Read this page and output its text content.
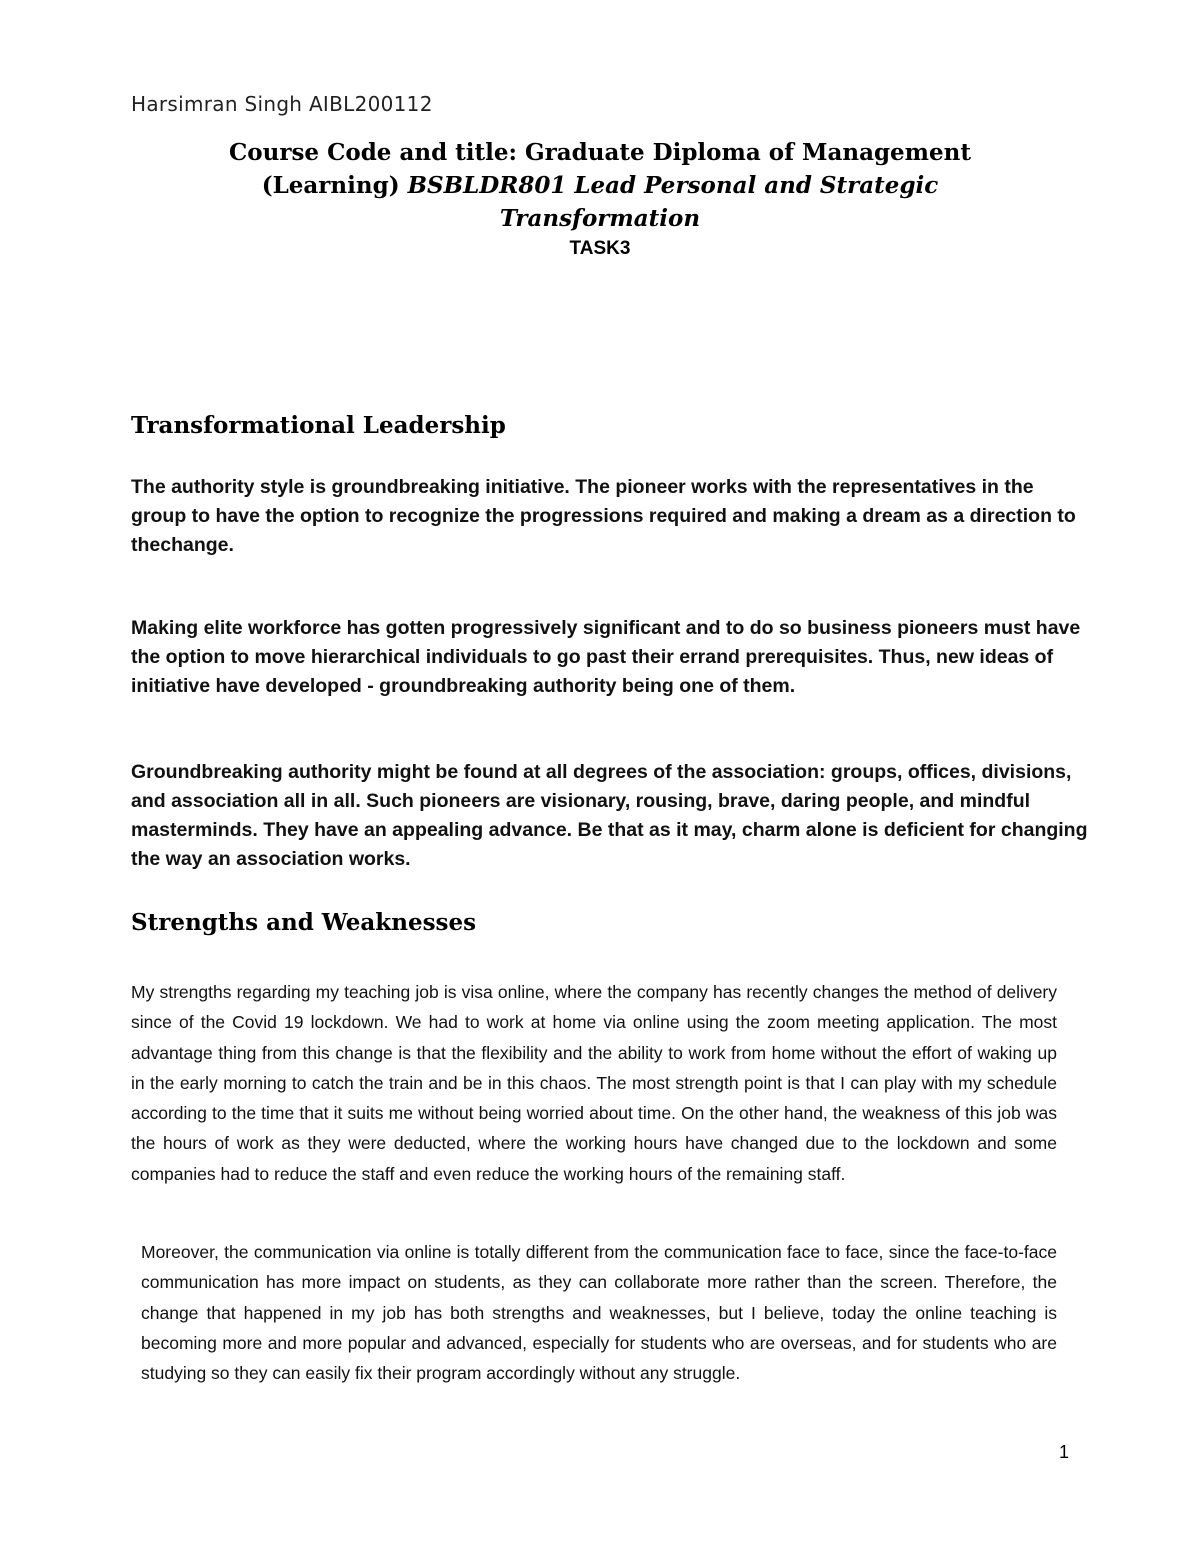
Harsimran Singh AIBL200112
Course Code and title: Graduate Diploma of Management
(Learning) BSBLDR801 Lead Personal and Strategic
Transformation
TASK3
Transformational Leadership

The authority style is groundbreaking initiative. The pioneer works with the representatives in the group to have the option to recognize the progressions required and making a dream as a direction to thechange.

Making elite workforce has gotten progressively significant and to do so business pioneers must have the option to move hierarchical individuals to go past their errand prerequisites. Thus, new ideas of initiative have developed - groundbreaking authority being one of them.

Groundbreaking authority might be found at all degrees of the association: groups, offices, divisions, and association all in all. Such pioneers are visionary, rousing, brave, daring people, and mindful masterminds. They have an appealing advance. Be that as it may, charm alone is deficient for changing the way an association works.

Strengths and Weaknesses

My strengths regarding my teaching job is visa online, where the company has recently changes the method of delivery since of the Covid 19 lockdown. We had to work at home via online using the zoom meeting application. The most advantage thing from this change is that the flexibility and the ability to work from home without the effort of waking up in the early morning to catch the train and be in this chaos. The most strength point is that I can play with my schedule according to the time that it suits me without being worried about time. On the other hand, the weakness of this job was the hours of work as they were deducted, where the working hours have changed due to the lockdown and some companies had to reduce the staff and even reduce the working hours of the remaining staff.

Moreover, the communication via online is totally different from the communication face to face, since the face-to-face communication has more impact on students, as they can collaborate more rather than the screen. Therefore, the change that happened in my job has both strengths and weaknesses, but I believe, today the online teaching is becoming more and more popular and advanced, especially for students who are overseas, and for students who are studying so they can easily fix their program accordingly without any struggle.

1
